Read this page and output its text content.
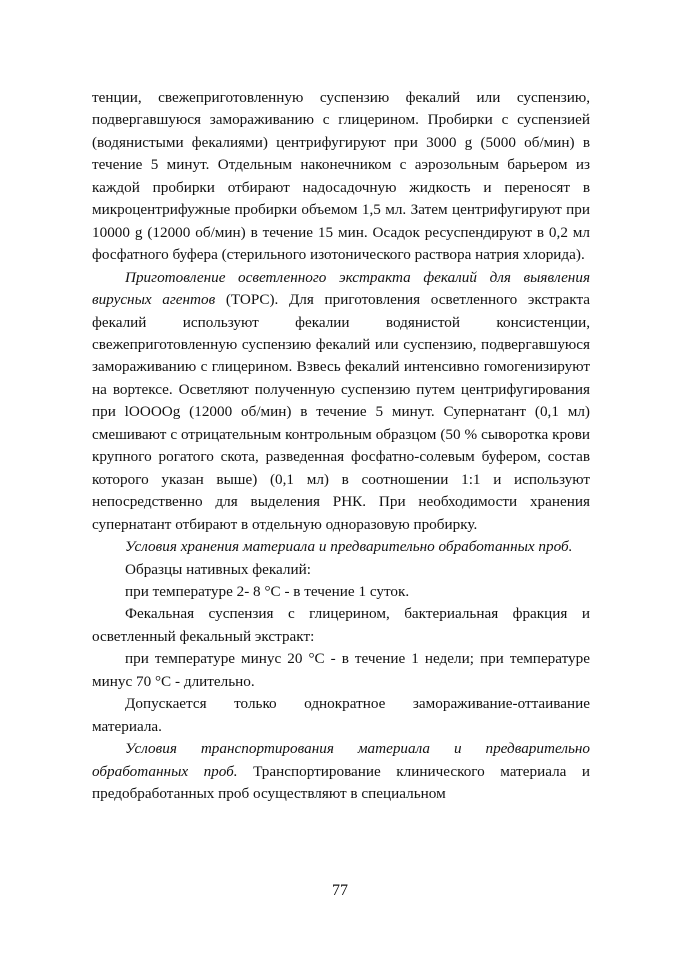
тенции, свежеприготовленную суспензию фекалий или суспензию, подвергавшуюся замораживанию с глицерином. Пробирки с суспензией (водянистыми фекалиями) центрифугируют при 3000 g (5000 об/мин) в течение 5 минут. Отдельным наконечником с аэрозольным барьером из каждой пробирки отбирают надосадочную жидкость и переносят в микроцентрифужные пробирки объемом 1,5 мл. Затем центрифугируют при 10000 g (12000 об/мин) в течение 15 мин. Осадок ресуспендируют в 0,2 мл фосфатного буфера (стерильного изотонического раствора натрия хлорида).

Приготовление осветленного экстракта фекалий для выявления вирусных агентов (TOPC). Для приготовления осветленного экстракта фекалий используют фекалии водянистой консистенции, свежеприготовленную суспензию фекалий или суспензию, подвергавшуюся замораживанию с глицерином. Взвесь фекалий интенсивно гомогенизируют на вортексе. Осветляют полученную суспензию путем центрифугирования при lOOOOg (12000 об/мин) в течение 5 минут. Супернатант (0,1 мл) смешивают с отрицательным контрольным образцом (50 % сыворотка крови крупного рогатого скота, разведенная фосфатно-солевым буфером, состав которого указан выше) (0,1 мл) в соотношении 1:1 и используют непосредственно для выделения РНК. При необходимости хранения супернатант отбирают в отдельную одноразовую пробирку.

Условия хранения материала и предварительно обработанных проб.

Образцы нативных фекалий:

при температуре 2- 8 °С - в течение 1 суток.

Фекальная суспензия с глицерином, бактериальная фракция и осветленный фекальный экстракт:

при температуре минус 20 °С - в течение 1 недели; при температуре минус 70 °С - длительно.

Допускается только однократное замораживание-оттаивание материала.

Условия транспортирования материала и предварительно обработанных проб. Транспортирование клинического материала и предобработанных проб осуществляют в специальном

77
